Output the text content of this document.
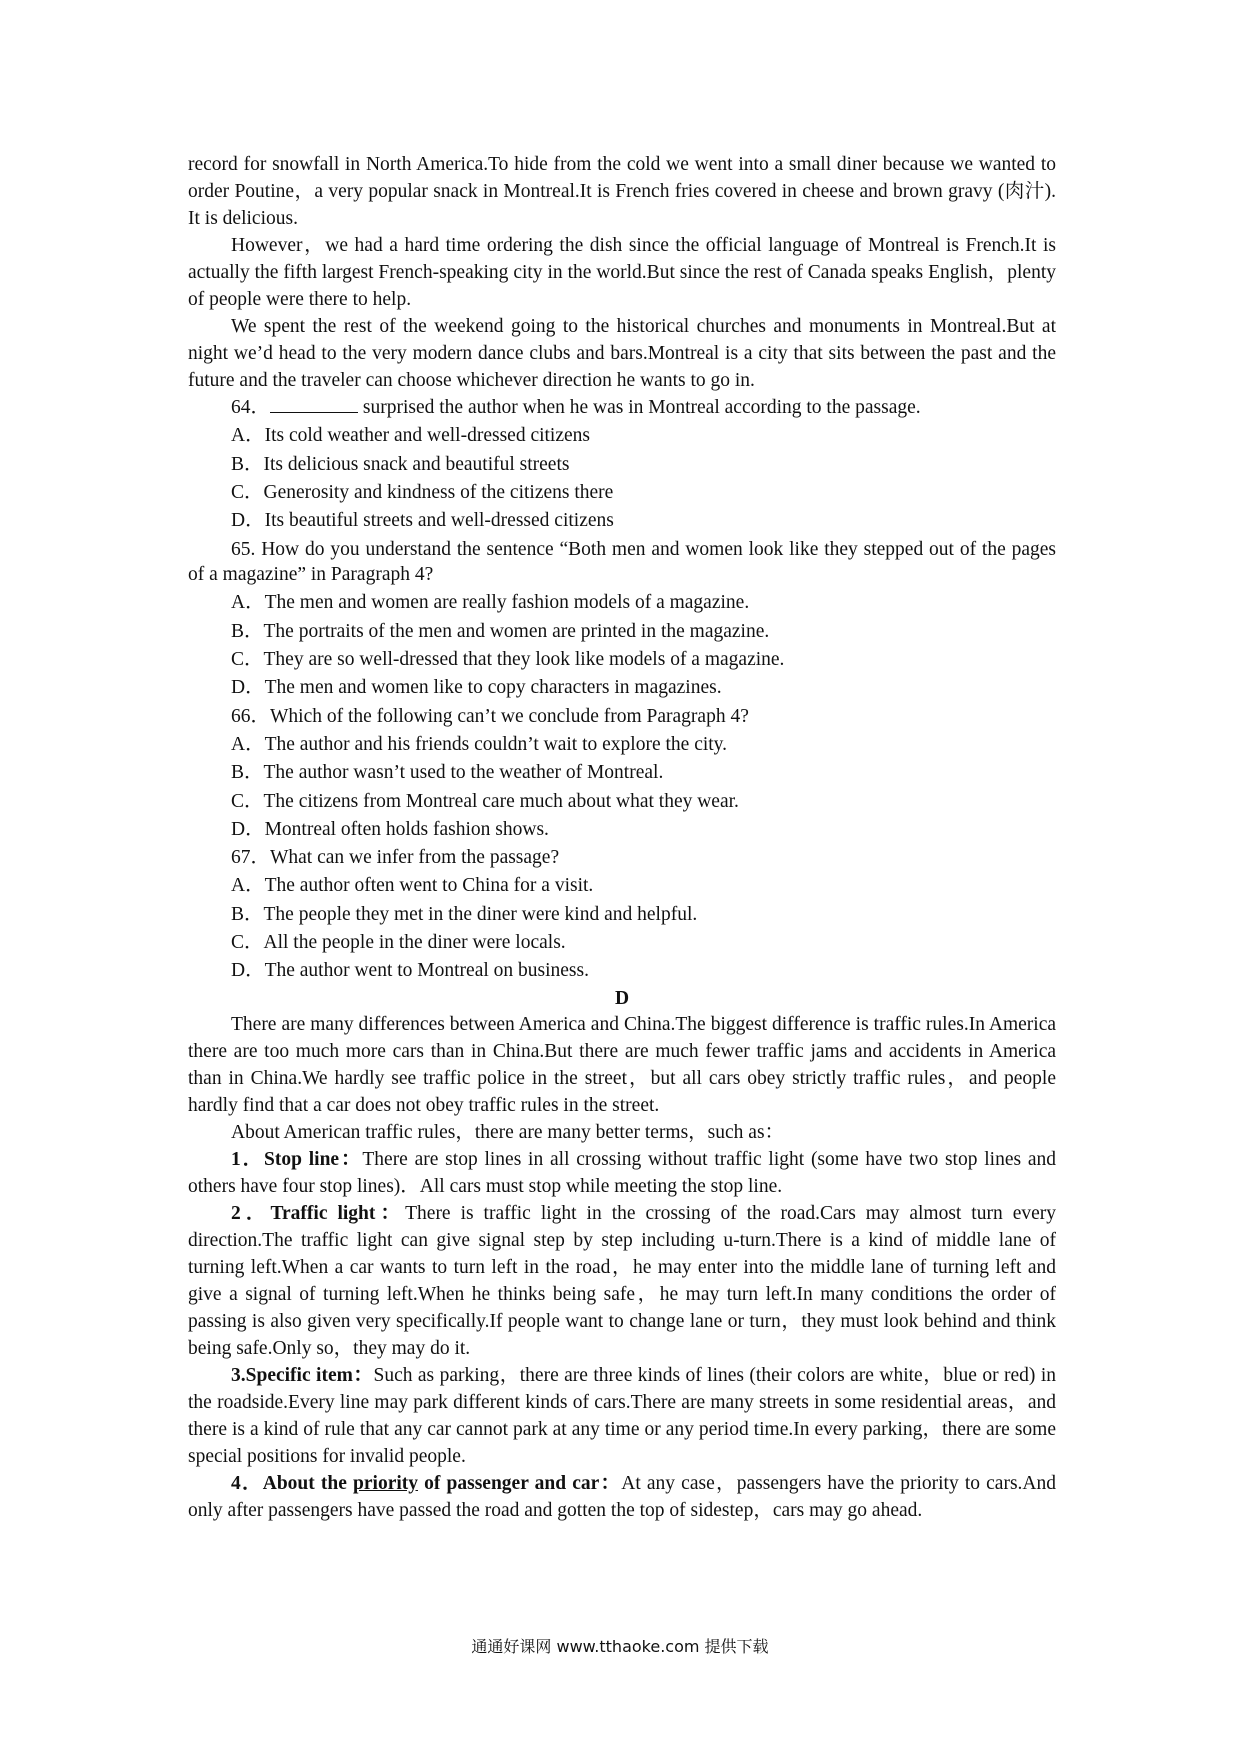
record for snowfall in North America.To hide from the cold we went into a small diner because we wanted to order Poutine，a very popular snack in Montreal.It is French fries covered in cheese and brown gravy (肉汁). It is delicious.

However，we had a hard time ordering the dish since the official language of Montreal is French.It is actually the fifth largest French-speaking city in the world.But since the rest of Canada speaks English，plenty of people were there to help.

We spent the rest of the weekend going to the historical churches and monuments in Montreal.But at night we’d head to the very modern dance clubs and bars.Montreal is a city that sits between the past and the future and the traveler can choose whichever direction he wants to go in.

64．	surprised the author when he was in Montreal according to the passage.
A．Its cold weather and well-dressed citizens
B．Its delicious snack and beautiful streets
C．Generosity and kindness of the citizens there
D．Its beautiful streets and well-dressed citizens
65. How do you understand the sentence “Both men and women look like they stepped out of the pages of a magazine” in Paragraph 4?
A．The men and women are really fashion models of a magazine.
B．The portraits of the men and women are printed in the magazine.
C．They are so well-dressed that they look like models of a magazine.
D．The men and women like to copy characters in magazines.
66．Which of the following can’t we conclude from Paragraph 4?
A．The author and his friends couldn’t wait to explore the city.
B．The author wasn’t used to the weather of Montreal.
C．The citizens from Montreal care much about what they wear.
D．Montreal often holds fashion shows.
67．What can we infer from the passage?
A．The author often went to China for a visit.
B．The people they met in the diner were kind and helpful.
C．All the people in the diner were locals.
D．The author went to Montreal on business.
D

There are many differences between America and China.The biggest difference is traffic rules.In America there are too much more cars than in China.But there are much fewer traffic jams and accidents in America than in China.We hardly see traffic police in the street，but all cars obey strictly traffic rules，and people hardly find that a car does not obey traffic rules in the street.

About American traffic rules，there are many better terms，such as：

1．Stop line：There are stop lines in all crossing without traffic light (some have two stop lines and others have four stop lines)．All cars must stop while meeting the stop line.

2．Traffic light：There is traffic light in the crossing of the road.Cars may almost turn every direction.The traffic light can give signal step by step including u-turn.There is a kind of middle lane of turning left.When a car wants to turn left in the road，he may enter into the middle lane of turning left and give a signal of turning left.When he thinks being safe，he may turn left.In many conditions the order of passing is also given very specifically.If people want to change lane or turn，they must look behind and think being safe.Only so，they may do it.

3.Specific item：Such as parking，there are three kinds of lines (their colors are white，blue or red) in the roadside.Every line may park different kinds of cars.There are many streets in some residential areas，and there is a kind of rule that any car cannot park at any time or any period time.In every parking，there are some special positions for invalid people.

4．About the priority of passenger and car：At any case，passengers have the priority to cars.And only after passengers have passed the road and gotten the top of sidestep，cars may go ahead.

通通好课网 www.tthaoke.com 提供下载
